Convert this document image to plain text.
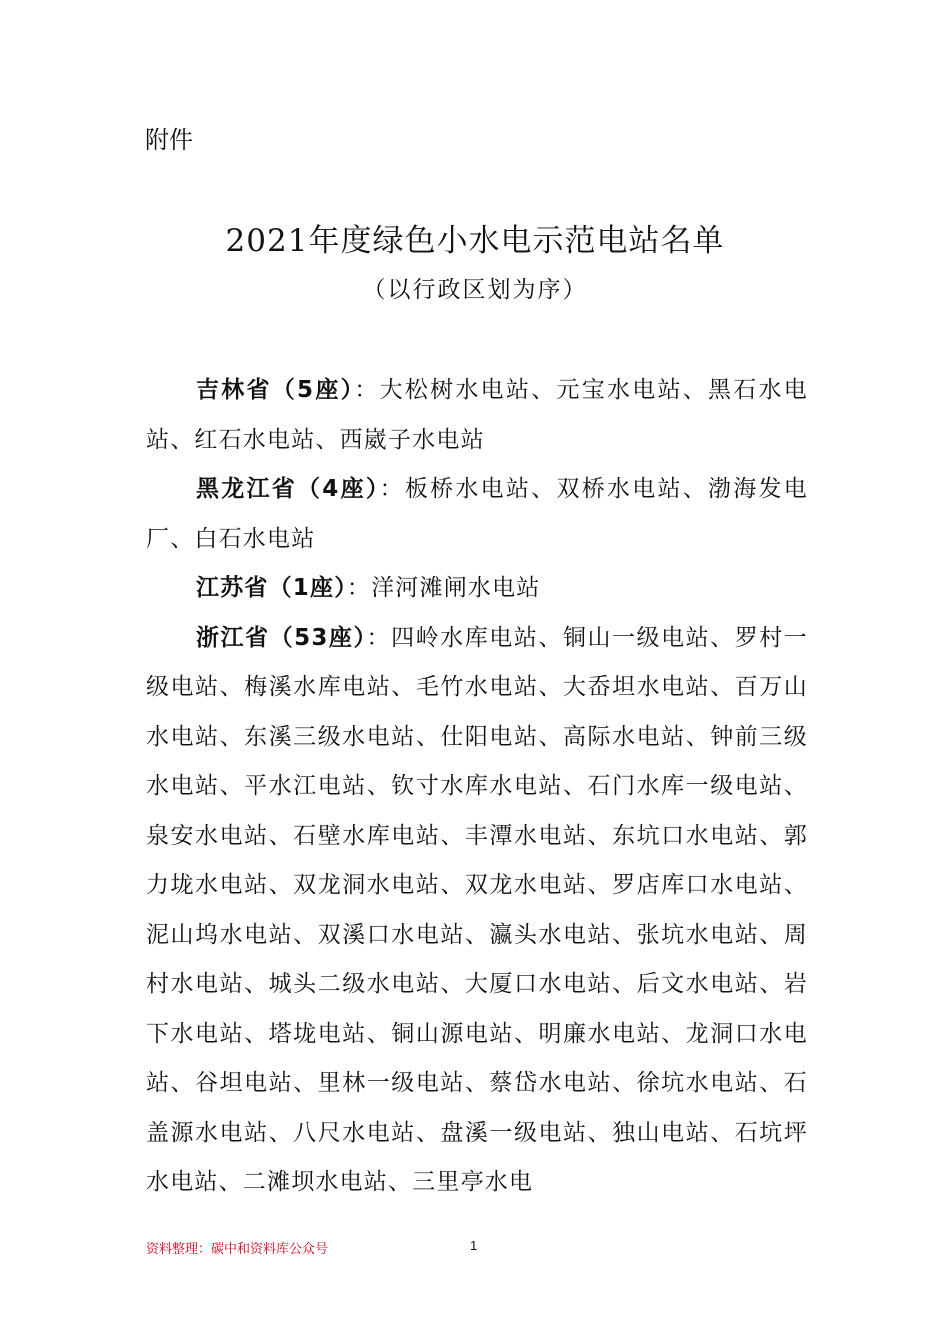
附件
2021年度绿色小水电示范电站名单
（以行政区划为序）

吉林省（5座）：大松树水电站、元宝水电站、黑石水电站、红石水电站、西崴子水电站

黑龙江省（4座）：板桥水电站、双桥水电站、渤海发电厂、白石水电站

江苏省（1座）：洋河滩闸水电站

浙江省（53座）：四岭水库电站、铜山一级电站、罗村一级电站、梅溪水库电站、毛竹水电站、大岙坦水电站、百万山水电站、东溪三级水电站、仕阳电站、高际水电站、钟前三级水电站、平水江电站、钦寸水库水电站、石门水库一级电站、泉安水电站、石壁水库电站、丰潭水电站、东坑口水电站、郭力垅水电站、双龙洞水电站、双龙水电站、罗店库口水电站、泥山坞水电站、双溪口水电站、瀛头水电站、张坑水电站、周村水电站、城头二级水电站、大厦口水电站、后文水电站、岩下水电站、塔垅电站、铜山源电站、明廉水电站、龙洞口水电站、谷坦电站、里林一级电站、蔡岱水电站、徐坑水电站、石盖源水电站、八尺水电站、盘溪一级电站、独山电站、石坑坪水电站、二滩坝水电站、三里亭水电

资料整理：碳中和资料库公众号	1
